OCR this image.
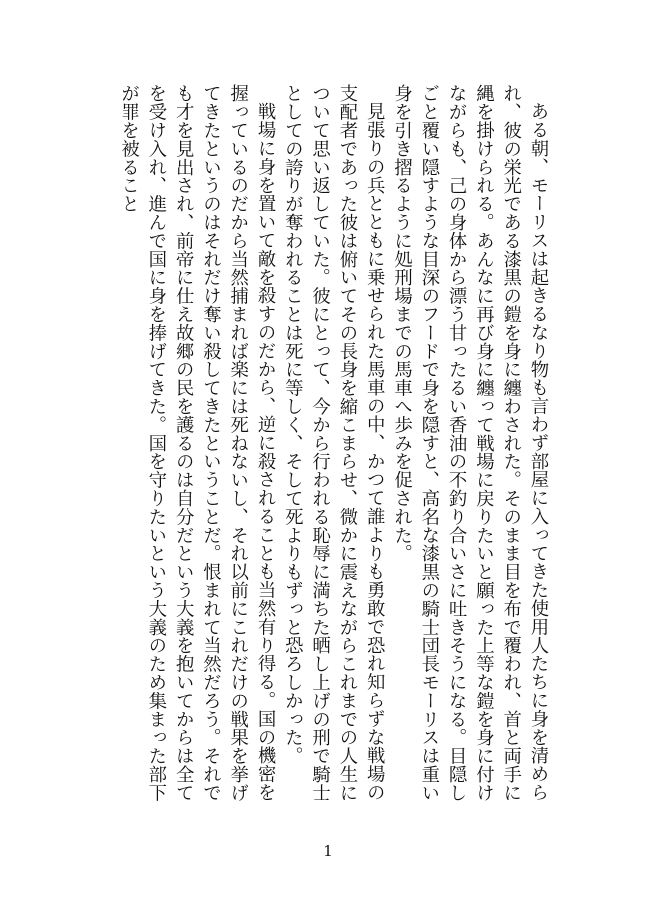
ある朝、モーリスは起きるなり物も言わず部屋に入ってきた使用人たちに身を清められ、彼の栄光である漆黒の鎧を身に纏わされた。そのまま目を布で覆われ、首と両手に縄を掛けられる。あんなに再び身に纏って戦場に戻りたいと願った上等な鎧を身に付けながらも、己の身体から漂う甘ったるい香油の不釣り合いさに吐きそうになる。目隠しごと覆い隠すような目深のフードで身を隠すと、高名な漆黒の騎士団長モーリスは重い身を引き摺るように処刑場までの馬車へ歩みを促された。

見張りの兵とともに乗せられた馬車の中、かつて誰よりも勇敢で恐れ知らずな戦場の支配者であった彼は俯いてその長身を縮こまらせ、微かに震えながらこれまでの人生について思い返していた。彼にとって、今から行われる恥辱に満ちた晒し上げの刑で騎士としての誇りが奪われることは死に等しく、そして死よりもずっと恐ろしかった。

戦場に身を置いて敵を殺すのだから、逆に殺されることも当然有り得る。国の機密を握っているのだから当然捕まれば楽には死ねないし、それ以前にこれだけの戦果を挙げてきたというのはそれだけ奪い殺してきたということだ。恨まれて当然だろう。それでも才を見出され、前帝に仕え故郷の民を護るのは自分だという大義を抱いてからは全てを受け入れ、進んで国に身を捧げてきた。国を守りたいという大義のため集まった部下が罪を被ること

1
